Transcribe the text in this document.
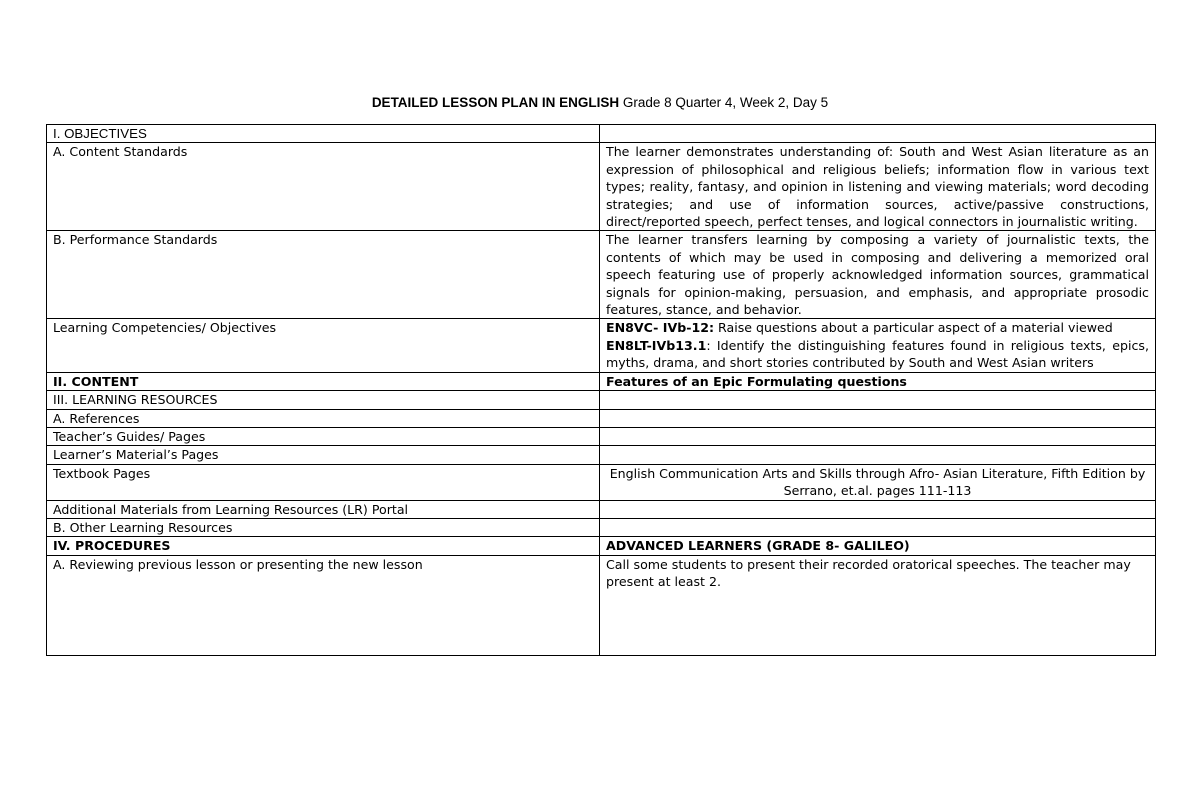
DETAILED LESSON PLAN IN ENGLISH Grade 8 Quarter 4, Week 2, Day 5
I. OBJECTIVES	
A. Content Standards	The learner demonstrates understanding of: South and West Asian literature as an expression of philosophical and religious beliefs; information flow in various text types; reality, fantasy, and opinion in listening and viewing materials; word decoding strategies; and use of information sources, active/passive constructions, direct/reported speech, perfect tenses, and logical connectors in journalistic writing.
B. Performance Standards	The learner transfers learning by composing a variety of journalistic texts, the contents of which may be used in composing and delivering a memorized oral speech featuring use of properly acknowledged information sources, grammatical signals for opinion-making, persuasion, and emphasis, and appropriate prosodic features, stance, and behavior.
Learning Competencies/ Objectives	EN8VC- IVb-12: Raise questions about a particular aspect of a material viewed
EN8LT-IVb13.1: Identify the distinguishing features found in religious texts, epics, myths, drama, and short stories contributed by South and West Asian writers

II. CONTENT	Features of an Epic Formulating questions
III. LEARNING RESOURCES	
A. References	
Teacher’s Guides/ Pages	
Learner’s Material’s Pages	
Textbook Pages	English Communication Arts and Skills through Afro- Asian Literature, Fifth Edition by Serrano, et.al. pages 111-113
Additional Materials from Learning Resources (LR) Portal	
B. Other Learning Resources	
IV. PROCEDURES	ADVANCED LEARNERS (GRADE 8- GALILEO)
A. Reviewing previous lesson or presenting the new lesson	Call some students to present their recorded oratorical speeches. The teacher may present at least 2.
